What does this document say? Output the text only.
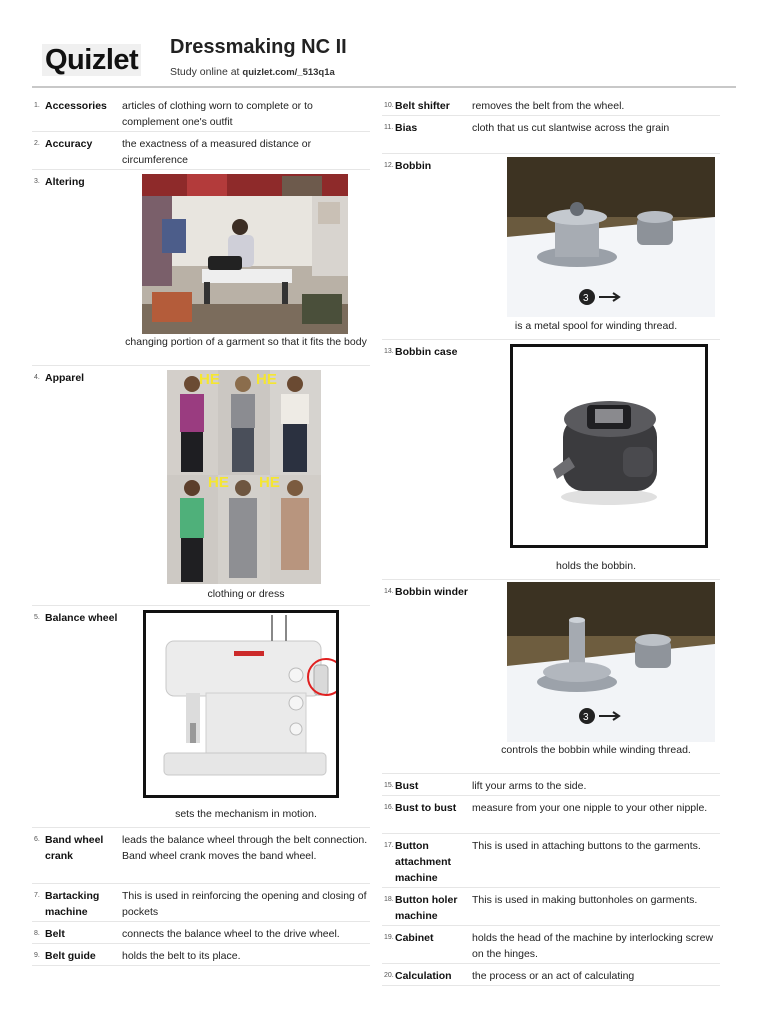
Quizlet Dressmaking NC II
Study online at quizlet.com/_513q1a
1. Accessories	articles of clothing worn to complete or to complement one's outfit
2. Accuracy	the exactness of a measured distance or circumference
3. Altering
changing portion of a garment so that it fits the body
4. Apparel	HE HE
HE HE
clothing or dress
5. Balance wheel
sets the mechanism in motion.
6. Band wheel crank
leads the balance wheel through the belt connection. Band wheel crank moves the band wheel.
7. Bartacking machine
This is used in reinforcing the opening and closing of pockets
8. Belt	connects the balance wheel to the drive wheel.
9. Belt guide	holds the belt to its place.
10. Belt shifter	removes the belt from the wheel.
11. Bias	cloth that us cut slantwise across the grain
12. Bobbin
3
is a metal spool for winding thread.
13. Bobbin case
holds the bobbin.
14. Bobbin winder
3
controls the bobbin while winding thread.
15. Bust	lift your arms to the side.
16. Bust to bust	measure from your one nipple to your other nipple.
17. Button attachment machine
This is used in attaching buttons to the garments.
18. Button holer machine
This is used in making buttonholes on garments.
19. Cabinet	holds the head of the machine by interlocking screw on the hinges.
20. Calculation	the process or an act of calculating
